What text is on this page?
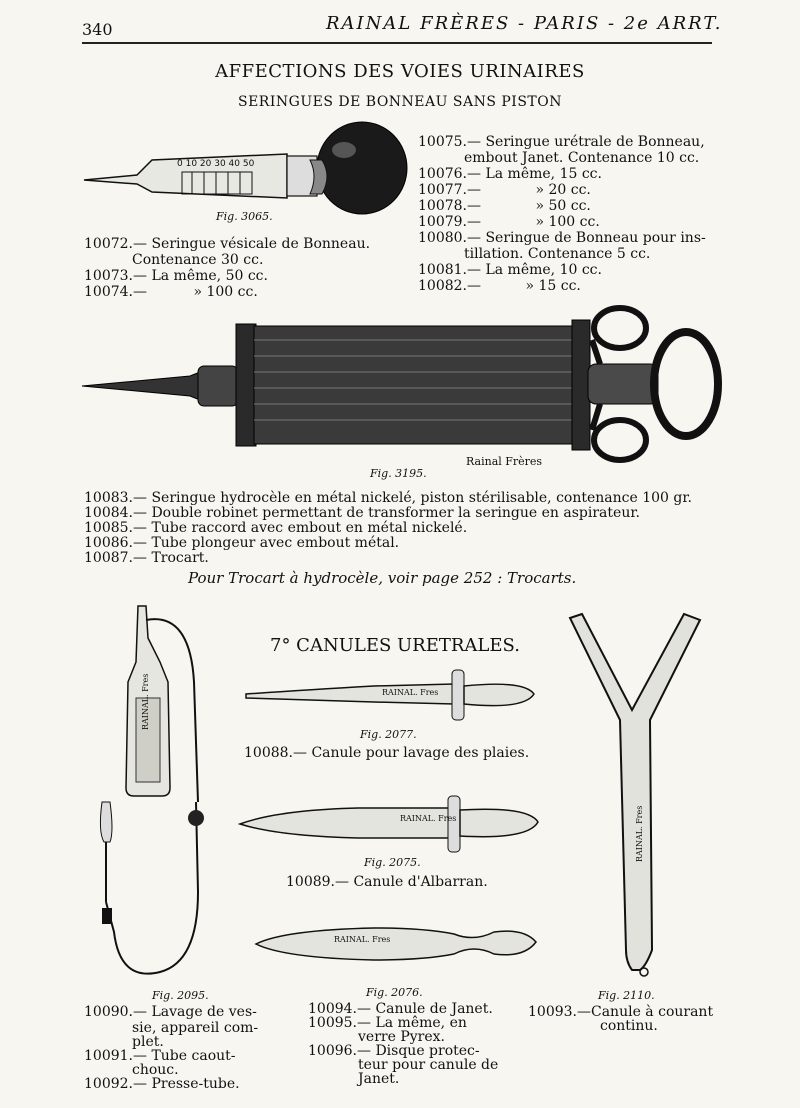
340	RAINAL FRÈRES - PARIS - 2e ARRT.
AFFECTIONS DES VOIES URINAIRES
SERINGUES DE BONNEAU SANS PISTON
0 10 20 30 40 50
Fig. 3065.
10072.— Seringue vésicale de Bonneau.
Contenance 30 cc.
10073.— La même, 50 cc.
10074.—	» 100 cc.
10075.— Seringue urétrale de Bonneau,
embout Janet. Contenance 10 cc.
10076.— La même, 15 cc.
10077.—	» 20 cc.
10078.—	» 50 cc.
10079.—	» 100 cc.
10080.— Seringue de Bonneau pour ins-
tillation. Contenance 5 cc.
10081.— La même, 10 cc.
10082.—	» 15 cc.
Rainal Frères
Fig. 3195.
10083.— Seringue hydrocèle en métal nickelé, piston stérilisable, contenance 100 gr.
10084.— Double robinet permettant de transformer la seringue en aspirateur.
10085.— Tube raccord avec embout en métal nickelé.
10086.— Tube plongeur avec embout métal.
10087.— Trocart.
Pour Trocart à hydrocèle, voir page 252 : Trocarts.
7° CANULES URETRALES.
RAINAL. Fres
Fig. 2095.
RAINAL. Fres
Fig. 2077.
10088.— Canule pour lavage des plaies.
RAINAL. Fres
Fig. 2075.
10089.— Canule d'Albarran.
RAINAL. Fres
Fig. 2076.
RAINAL. Fres
Fig. 2110.
10090.— Lavage de ves-
sie, appareil com-
plet.
10091.— Tube caout-
chouc.
10092.— Presse-tube.
10094.— Canule de Janet.
10095.— La même, en
verre Pyrex.
10096.— Disque protec-
teur pour canule de
Janet.
10093.—Canule à courant
continu.
